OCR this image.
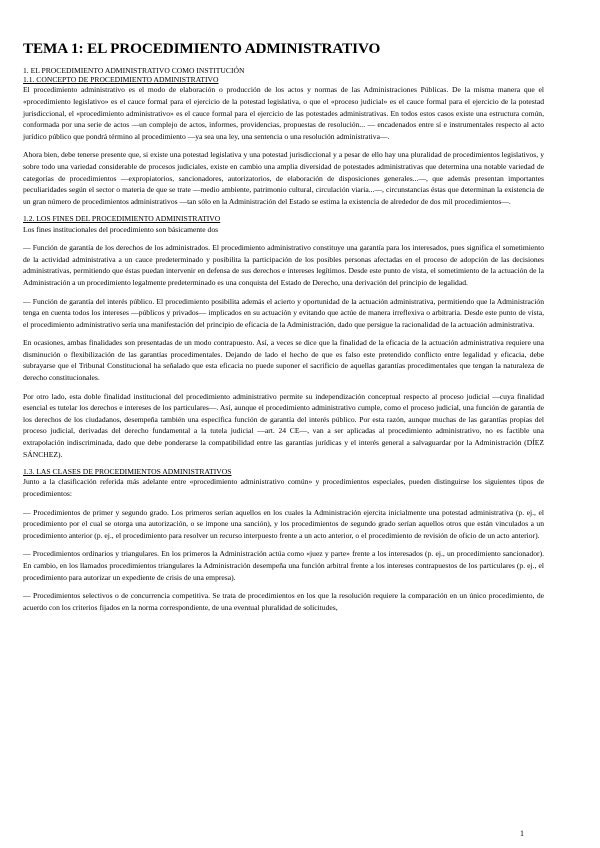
TEMA 1: EL PROCEDIMIENTO ADMINISTRATIVO
1. EL PROCEDIMIENTO ADMINISTRATIVO COMO INSTITUCIÓN
1.1. CONCEPTO DE PROCEDIMIENTO ADMINISTRATIVO

El procedimiento administrativo es el modo de elaboración o producción de los actos y normas de las Administraciones Públicas. De la misma manera que el «procedimiento legislativo» es el cauce formal para el ejercicio de la potestad legislativa, o que el «proceso judicial» es el cauce formal para el ejercicio de la potestad jurisdiccional, el «procedimiento administrativo» es el cauce formal para el ejercicio de las potestades administrativas. En todos estos casos existe una estructura común, conformada por una serie de actos —un complejo de actos, informes, providencias, propuestas de resolución... — encadenados entre sí e instrumentales respecto al acto jurídico público que pondrá término al procedimiento —ya sea una ley, una sentencia o una resolución administrativa—.

Ahora bien, debe tenerse presente que, si existe una potestad legislativa y una potestad jurisdiccional y a pesar de ello hay una pluralidad de procedimientos legislativos, y sobre todo una variedad considerable de procesos judiciales, existe en cambio una amplia diversidad de potestades administrativas que determina una notable variedad de categorías de procedimientos —expropiatorios, sancionadores, autorizatorios, de elaboración de disposiciones generales...—, que además presentan importantes peculiaridades según el sector o materia de que se trate —medio ambiente, patrimonio cultural, circulación viaria...—, circunstancias éstas que determinan la existencia de un gran número de procedimientos administrativos —tan sólo en la Administración del Estado se estima la existencia de alrededor de dos mil procedimientos—.

1.2. LOS FINES DEL PROCEDIMIENTO ADMINISTRATIVO

Los fines institucionales del procedimiento son básicamente dos

— Función de garantía de los derechos de los administrados. El procedimiento administrativo constituye una garantía para los interesados, pues significa el sometimiento de la actividad administrativa a un cauce predeterminado y posibilita la participación de los posibles personas afectadas en el proceso de adopción de las decisiones administrativas, permitiendo que éstas puedan intervenir en defensa de sus derechos e intereses legítimos. Desde este punto de vista, el sometimiento de la actuación de la Administración a un procedimiento legalmente predeterminado es una conquista del Estado de Derecho, una derivación del principio de legalidad.

— Función de garantía del interés público. El procedimiento posibilita además el acierto y oportunidad de la actuación administrativa, permitiendo que la Administración tenga en cuenta todos los intereses —públicos y privados— implicados en su actuación y evitando que actúe de manera irreflexiva o arbitraria. Desde este punto de vista, el procedimiento administrativo sería una manifestación del principio de eficacia de la Administración, dado que persigue la racionalidad de la actuación administrativa.

En ocasiones, ambas finalidades son presentadas de un modo contrapuesto. Así, a veces se dice que la finalidad de la eficacia de la actuación administrativa requiere una disminución o flexibilización de las garantías procedimentales. Dejando de lado el hecho de que es falso este pretendido conflicto entre legalidad y eficacia, debe subrayarse que el Tribunal Constitucional ha señalado que esta eficacia no puede suponer el sacrificio de aquellas garantías procedimentales que tengan la naturaleza de derecho constitucionales.

Por otro lado, esta doble finalidad institucional del procedimiento administrativo permite su independización conceptual respecto al proceso judicial —cuya finalidad esencial es tutelar los derechos e intereses de los particulares—. Así, aunque el procedimiento administrativo cumple, como el proceso judicial, una función de garantía de los derechos de los ciudadanos, desempeña también una específica función de garantía del interés público. Por esta razón, aunque muchas de las garantías propias del proceso judicial, derivadas del derecho fundamental a la tutela judicial —art. 24 CE—, van a ser aplicadas al procedimiento administrativo, no es factible una extrapolación indiscriminada, dado que debe ponderarse la compatibilidad entre las garantías jurídicas y el interés general a salvaguardar por la Administración (DÍEZ SÁNCHEZ).

1.3. LAS CLASES DE PROCEDIMIENTOS ADMINISTRATIVOS

Junto a la clasificación referida más adelante entre «procedimiento administrativo común» y procedimientos especiales, pueden distinguirse los siguientes tipos de procedimientos:

— Procedimientos de primer y segundo grado. Los primeros serían aquellos en los cuales la Administración ejercita inicialmente una potestad administrativa (p. ej., el procedimiento por el cual se otorga una autorización, o se impone una sanción), y los procedimientos de segundo grado serían aquellos otros que están vinculados a un procedimiento anterior (p. ej., el procedimiento para resolver un recurso interpuesto frente a un acto anterior, o el procedimiento de revisión de oficio de un acto anterior).

— Procedimientos ordinarios y triangulares. En los primeros la Administración actúa como «juez y parte» frente a los interesados (p. ej., un procedimiento sancionador). En cambio, en los llamados procedimientos triangulares la Administración desempeña una función arbitral frente a los intereses contrapuestos de los particulares (p. ej., el procedimiento para autorizar un expediente de crisis de una empresa).

— Procedimientos selectivos o de concurrencia competitiva. Se trata de procedimientos en los que la resolución requiere la comparación en un único procedimiento, de acuerdo con los criterios fijados en la norma correspondiente, de una eventual pluralidad de solicitudes,

1
